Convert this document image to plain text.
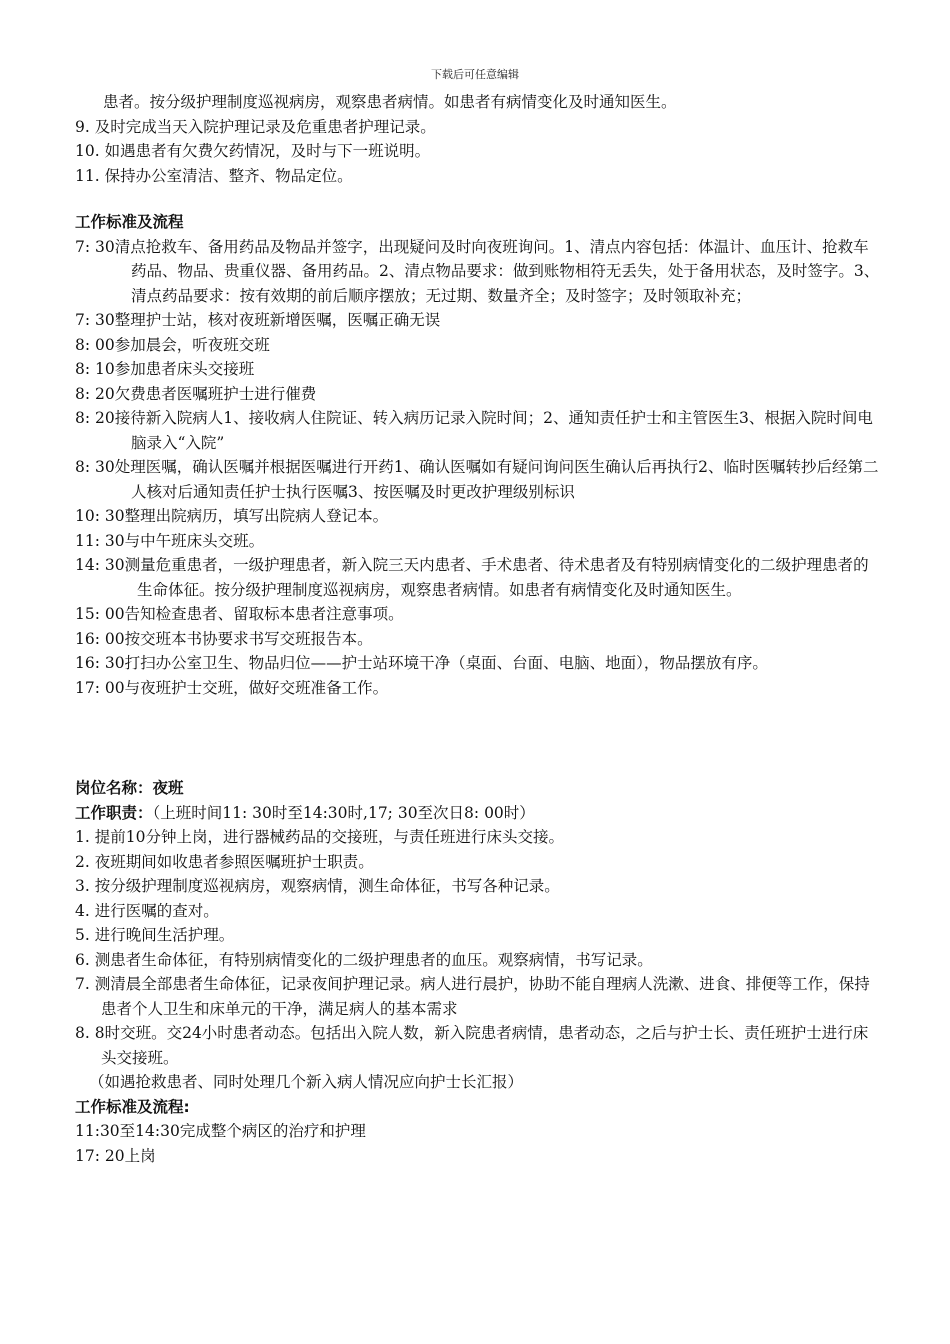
下载后可任意编辑
患者。按分级护理制度巡视病房，观察患者病情。如患者有病情变化及时通知医生。
9. 及时完成当天入院护理记录及危重患者护理记录。
10. 如遇患者有欠费欠药情况，及时与下一班说明。
11. 保持办公室清洁、整齐、物品定位。
工作标准及流程
7: 30清点抢救车、备用药品及物品并签字，出现疑问及时向夜班询问。1、清点内容包括：体温计、血压计、抢救车药品、物品、贵重仪器、备用药品。2、清点物品要求：做到账物相符无丢失，处于备用状态，及时签字。3、清点药品要求：按有效期的前后顺序摆放；无过期、数量齐全；及时签字；及时领取补充；
7: 30整理护士站，核对夜班新增医嘱，医嘱正确无误
8: 00参加晨会，听夜班交班
8: 10参加患者床头交接班
8: 20欠费患者医嘱班护士进行催费
8: 20接待新入院病人1、接收病人住院证、转入病历记录入院时间；2、通知责任护士和主管医生3、根据入院时间电脑录入“入院”
8: 30处理医嘱，确认医嘱并根据医嘱进行开药1、确认医嘱如有疑问询问医生确认后再执行2、临时医嘱转抄后经第二人核对后通知责任护士执行医嘱3、按医嘱及时更改护理级别标识
10: 30整理出院病历，填写出院病人登记本。
11: 30与中午班床头交班。
14: 30测量危重患者，一级护理患者，新入院三天内患者、手术患者、待术患者及有特别病情变化的二级护理患者的生命体征。按分级护理制度巡视病房，观察患者病情。如患者有病情变化及时通知医生。
15: 00告知检查患者、留取标本患者注意事项。
16: 00按交班本书协要求书写交班报告本。
16: 30打扫办公室卫生、物品归位——护士站环境干净（桌面、台面、电脑、地面），物品摆放有序。
17: 00与夜班护士交班，做好交班准备工作。
岗位名称：夜班
工作职责：（上班时间11: 30时至14:30时,17; 30至次日8: 00时）
1. 提前10分钟上岗，进行器械药品的交接班，与责任班进行床头交接。
2. 夜班期间如收患者参照医嘱班护士职责。
3. 按分级护理制度巡视病房，观察病情，测生命体征，书写各种记录。
4. 进行医嘱的查对。
5. 进行晚间生活护理。
6. 测患者生命体征，有特别病情变化的二级护理患者的血压。观察病情，书写记录。
7. 测清晨全部患者生命体征，记录夜间护理记录。病人进行晨护，协助不能自理病人洗漱、进食、排便等工作，保持患者个人卫生和床单元的干净，满足病人的基本需求
8. 8时交班。交24小时患者动态。包括出入院人数，新入院患者病情，患者动态，之后与护士长、责任班护士进行床头交接班。
（如遇抢救患者、同时处理几个新入病人情况应向护士长汇报）
工作标准及流程:
11:30至14:30完成整个病区的治疗和护理
17: 20上岗
